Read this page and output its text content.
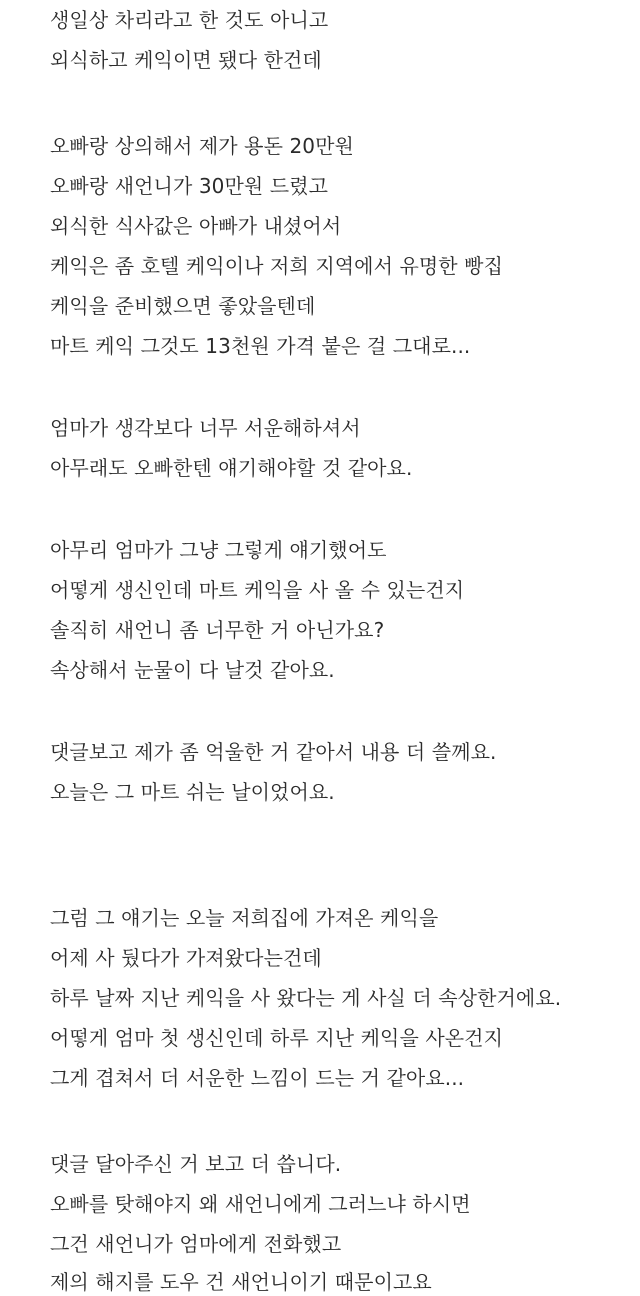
생일상 차리라고 한 것도 아니고
외식하고 케익이면 됐다 한건데
오빠랑 상의해서 제가 용돈 20만원
오빠랑 새언니가 30만원 드렸고
외식한 식사값은 아빠가 내셨어서
케익은 좀 호텔 케익이나 저희 지역에서 유명한 빵집
케익을 준비했으면 좋았을텐데
마트 케익 그것도 13천원 가격 붙은 걸 그대로...
엄마가 생각보다 너무 서운해하셔서
아무래도 오빠한텐 얘기해야할 것 같아요.
아무리 엄마가 그냥 그렇게 얘기했어도
어떻게 생신인데 마트 케익을 사 올 수 있는건지
솔직히 새언니 좀 너무한 거 아닌가요?
속상해서 눈물이 다 날것 같아요.
댓글보고 제가 좀 억울한 거 같아서 내용 더 쓸께요.
오늘은 그 마트 쉬는 날이었어요.
그럼 그 얘기는 오늘 저희집에 가져온 케익을
어제 사 뒀다가 가져왔다는건데
하루 날짜 지난 케익을 사 왔다는 게 사실 더 속상한거에요.
어떻게 엄마 첫 생신인데 하루 지난 케익을 사온건지
그게 겹쳐서 더 서운한 느낌이 드는 거 같아요...
댓글 달아주신 거 보고 더 씁니다.
오빠를 탓해야지 왜 새언니에게 그러느냐 하시면
그건 새언니가 엄마에게 전화했고
제의 해지를 도우 건 새언니이기 때문이고요
